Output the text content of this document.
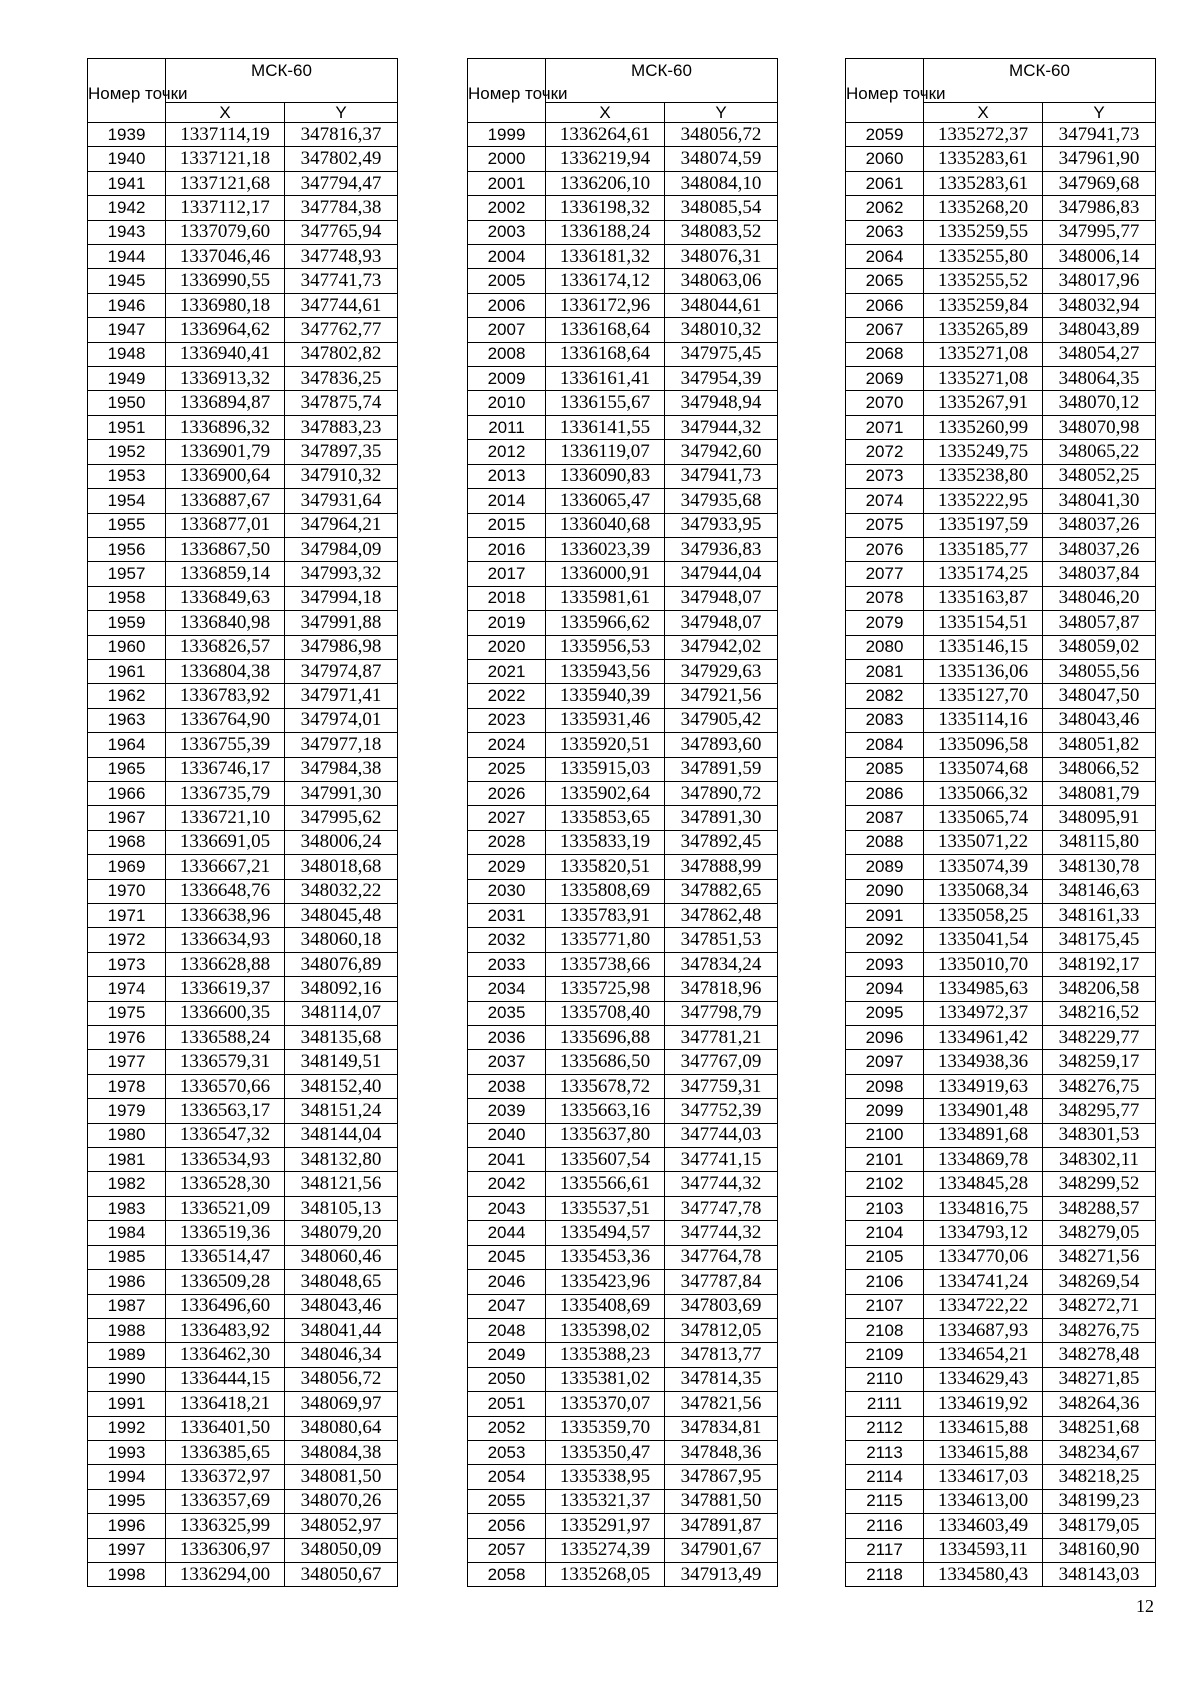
Номер точки	МСК-60	
	X	Y
1939	1337114,19	347816,37
1940	1337121,18	347802,49
1941	1337121,68	347794,47
1942	1337112,17	347784,38
1943	1337079,60	347765,94
1944	1337046,46	347748,93
1945	1336990,55	347741,73
1946	1336980,18	347744,61
1947	1336964,62	347762,77
1948	1336940,41	347802,82
1949	1336913,32	347836,25
1950	1336894,87	347875,74
1951	1336896,32	347883,23
1952	1336901,79	347897,35
1953	1336900,64	347910,32
1954	1336887,67	347931,64
1955	1336877,01	347964,21
1956	1336867,50	347984,09
1957	1336859,14	347993,32
1958	1336849,63	347994,18
1959	1336840,98	347991,88
1960	1336826,57	347986,98
1961	1336804,38	347974,87
1962	1336783,92	347971,41
1963	1336764,90	347974,01
1964	1336755,39	347977,18
1965	1336746,17	347984,38
1966	1336735,79	347991,30
1967	1336721,10	347995,62
1968	1336691,05	348006,24
1969	1336667,21	348018,68
1970	1336648,76	348032,22
1971	1336638,96	348045,48
1972	1336634,93	348060,18
1973	1336628,88	348076,89
1974	1336619,37	348092,16
1975	1336600,35	348114,07
1976	1336588,24	348135,68
1977	1336579,31	348149,51
1978	1336570,66	348152,40
1979	1336563,17	348151,24
1980	1336547,32	348144,04
1981	1336534,93	348132,80
1982	1336528,30	348121,56
1983	1336521,09	348105,13
1984	1336519,36	348079,20
1985	1336514,47	348060,46
1986	1336509,28	348048,65
1987	1336496,60	348043,46
1988	1336483,92	348041,44
1989	1336462,30	348046,34
1990	1336444,15	348056,72
1991	1336418,21	348069,97
1992	1336401,50	348080,64
1993	1336385,65	348084,38
1994	1336372,97	348081,50
1995	1336357,69	348070,26
1996	1336325,99	348052,97
1997	1336306,97	348050,09
1998	1336294,00	348050,67
Номер точки	МСК-60	
	X	Y
1999	1336264,61	348056,72
2000	1336219,94	348074,59
2001	1336206,10	348084,10
2002	1336198,32	348085,54
2003	1336188,24	348083,52
2004	1336181,32	348076,31
2005	1336174,12	348063,06
2006	1336172,96	348044,61
2007	1336168,64	348010,32
2008	1336168,64	347975,45
2009	1336161,41	347954,39
2010	1336155,67	347948,94
2011	1336141,55	347944,32
2012	1336119,07	347942,60
2013	1336090,83	347941,73
2014	1336065,47	347935,68
2015	1336040,68	347933,95
2016	1336023,39	347936,83
2017	1336000,91	347944,04
2018	1335981,61	347948,07
2019	1335966,62	347948,07
2020	1335956,53	347942,02
2021	1335943,56	347929,63
2022	1335940,39	347921,56
2023	1335931,46	347905,42
2024	1335920,51	347893,60
2025	1335915,03	347891,59
2026	1335902,64	347890,72
2027	1335853,65	347891,30
2028	1335833,19	347892,45
2029	1335820,51	347888,99
2030	1335808,69	347882,65
2031	1335783,91	347862,48
2032	1335771,80	347851,53
2033	1335738,66	347834,24
2034	1335725,98	347818,96
2035	1335708,40	347798,79
2036	1335696,88	347781,21
2037	1335686,50	347767,09
2038	1335678,72	347759,31
2039	1335663,16	347752,39
2040	1335637,80	347744,03
2041	1335607,54	347741,15
2042	1335566,61	347744,32
2043	1335537,51	347747,78
2044	1335494,57	347744,32
2045	1335453,36	347764,78
2046	1335423,96	347787,84
2047	1335408,69	347803,69
2048	1335398,02	347812,05
2049	1335388,23	347813,77
2050	1335381,02	347814,35
2051	1335370,07	347821,56
2052	1335359,70	347834,81
2053	1335350,47	347848,36
2054	1335338,95	347867,95
2055	1335321,37	347881,50
2056	1335291,97	347891,87
2057	1335274,39	347901,67
2058	1335268,05	347913,49
Номер точки	МСК-60	
	X	Y
2059	1335272,37	347941,73
2060	1335283,61	347961,90
2061	1335283,61	347969,68
2062	1335268,20	347986,83
2063	1335259,55	347995,77
2064	1335255,80	348006,14
2065	1335255,52	348017,96
2066	1335259,84	348032,94
2067	1335265,89	348043,89
2068	1335271,08	348054,27
2069	1335271,08	348064,35
2070	1335267,91	348070,12
2071	1335260,99	348070,98
2072	1335249,75	348065,22
2073	1335238,80	348052,25
2074	1335222,95	348041,30
2075	1335197,59	348037,26
2076	1335185,77	348037,26
2077	1335174,25	348037,84
2078	1335163,87	348046,20
2079	1335154,51	348057,87
2080	1335146,15	348059,02
2081	1335136,06	348055,56
2082	1335127,70	348047,50
2083	1335114,16	348043,46
2084	1335096,58	348051,82
2085	1335074,68	348066,52
2086	1335066,32	348081,79
2087	1335065,74	348095,91
2088	1335071,22	348115,80
2089	1335074,39	348130,78
2090	1335068,34	348146,63
2091	1335058,25	348161,33
2092	1335041,54	348175,45
2093	1335010,70	348192,17
2094	1334985,63	348206,58
2095	1334972,37	348216,52
2096	1334961,42	348229,77
2097	1334938,36	348259,17
2098	1334919,63	348276,75
2099	1334901,48	348295,77
2100	1334891,68	348301,53
2101	1334869,78	348302,11
2102	1334845,28	348299,52
2103	1334816,75	348288,57
2104	1334793,12	348279,05
2105	1334770,06	348271,56
2106	1334741,24	348269,54
2107	1334722,22	348272,71
2108	1334687,93	348276,75
2109	1334654,21	348278,48
2110	1334629,43	348271,85
2111	1334619,92	348264,36
2112	1334615,88	348251,68
2113	1334615,88	348234,67
2114	1334617,03	348218,25
2115	1334613,00	348199,23
2116	1334603,49	348179,05
2117	1334593,11	348160,90
2118	1334580,43	348143,03
12
